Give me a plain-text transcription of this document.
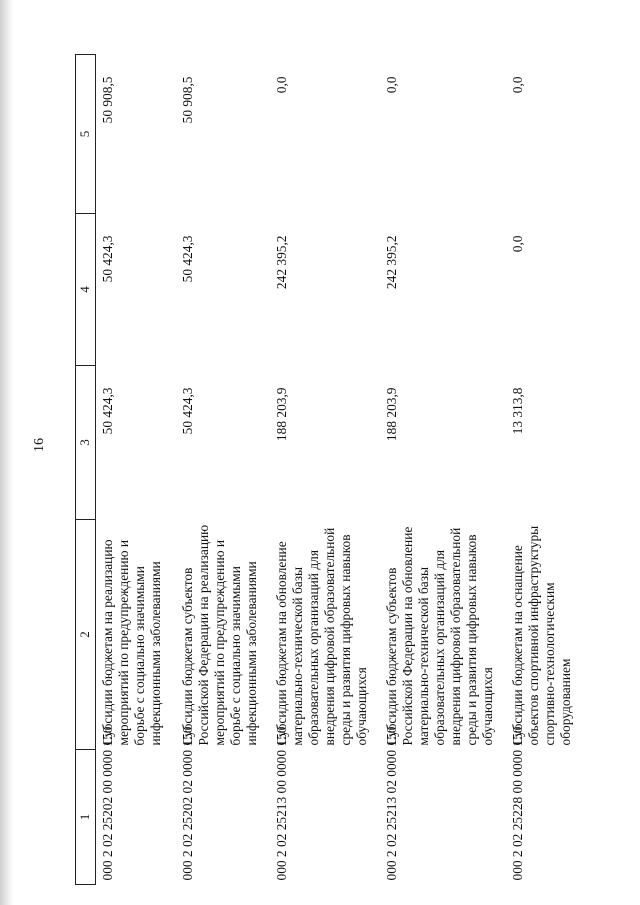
16
1	2	3	4	5
000 2 02 25202 00 0000 150	Субсидии бюджетам на реализацию мероприятий по предупреждению и борьбе с социально значимыми инфекционными заболеваниями	50 424,3	50 424,3	50 908,5
000 2 02 25202 02 0000 150	Субсидии бюджетам субъектов Российской Федерации на реализацию мероприятий по предупреждению и борьбе с социально значимыми инфекционными заболеваниями	50 424,3	50 424,3	50 908,5
000 2 02 25213 00 0000 150	Субсидии бюджетам на обновление материально-технической базы образовательных организаций для внедрения цифровой образовательной среды и развития цифровых навыков обучающихся	188 203,9	242 395,2	0,0
000 2 02 25213 02 0000 150	Субсидии бюджетам субъектов Российской Федерации на обновление материально-технической базы образовательных организаций для внедрения цифровой образовательной среды и развития цифровых навыков обучающихся	188 203,9	242 395,2	0,0
000 2 02 25228 00 0000 150	Субсидии бюджетам на оснащение объектов спортивной инфраструктуры спортивно-технологическим оборудованием	13 313,8	0,0	0,0
